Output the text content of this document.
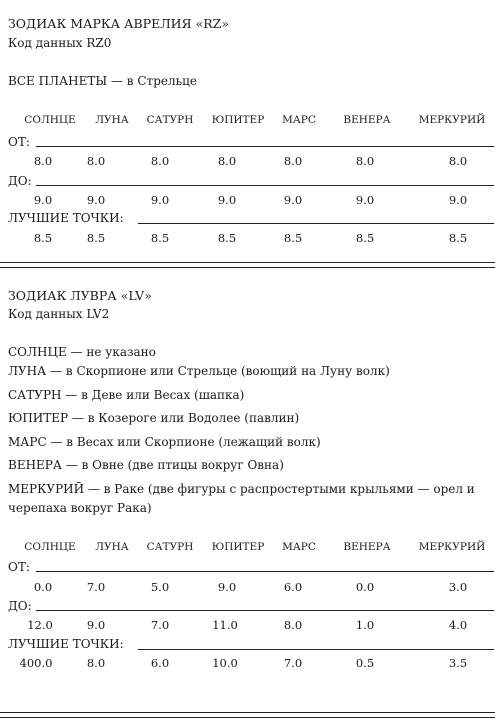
ЗОДИАК МАРКА АВРЕЛИЯ «RZ»
Код данных RZ0
ВСЕ ПЛАНЕТЫ — в Стрельце
СОЛНЦЕ	ЛУНА	САТУРН	ЮПИТЕР	МАРС	ВЕНЕРА	МЕРКУРИЙ
ОТ:
8.0	8.0	8.0	8.0	8.0	8.0	8.0
ДО:
9.0	9.0	9.0	9.0	9.0	9.0	9.0
ЛУЧШИЕ ТОЧКИ:
8.5	8.5	8.5	8.5	8.5	8.5	8.5
ЗОДИАК ЛУВРА «LV»
Код данных LV2
СОЛНЦЕ — не указано
ЛУНА — в Скорпионе или Стрельце (воющий на Луну волк)
САТУРН — в Деве или Весах (шапка)
ЮПИТЕР — в Козероге или Водолее (павлин)
МАРС — в Весах или Скорпионе (лежащий волк)
ВЕНЕРА — в Овне (две птицы вокруг Овна)
МЕРКУРИЙ — в Раке (две фигуры с распростертыми крыльями — орел и
черепаха вокруг Рака)
СОЛНЦЕ	ЛУНА	САТУРН	ЮПИТЕР	МАРС	ВЕНЕРА	МЕРКУРИЙ
ОТ:
0.0	7.0	5.0	9.0	6.0	0.0	3.0
ДО:
12.0	9.0	7.0	11.0	8.0	1.0	4.0
ЛУЧШИЕ ТОЧКИ:
400.0	8.0	6.0	10.0	7.0	0.5	3.5
